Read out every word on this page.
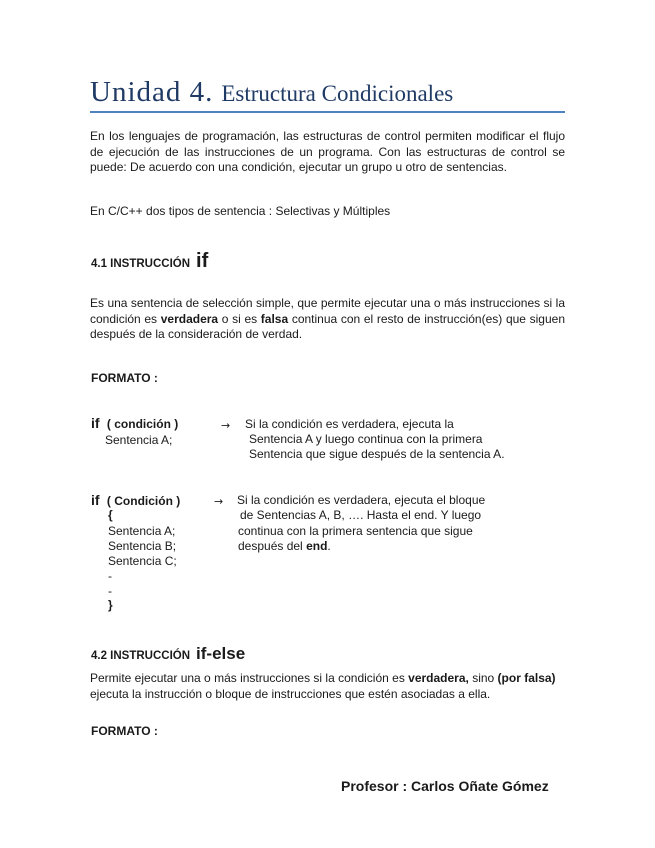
Unidad 4. Estructura Condicionales
En los lenguajes de programación, las estructuras de control permiten modificar el flujo de ejecución de las instrucciones de un programa. Con las estructuras de control se puede: De acuerdo con una condición, ejecutar un grupo u otro de sentencias.
En C/C++ dos tipos de sentencia : Selectivas y Múltiples
4.1 INSTRUCCIÓN if
Es una sentencia de selección simple, que permite ejecutar una o más instrucciones si la condición es verdadera o si es falsa continua con el resto de instrucción(es) que siguen después de la consideración de verdad.
FORMATO :
if ( condición )
Sentencia A;
→ Si la condición es verdadera, ejecuta la
Sentencia A y luego continua con la primera
Sentencia que sigue después de la sentencia A.
if ( Condición )
{
Sentencia A;
Sentencia B;
Sentencia C;
-
-
}
→ Si la condición es verdadera, ejecuta el bloque
de Sentencias A, B, …. Hasta el end. Y luego
continua con la primera sentencia que sigue
después del end.
4.2 INSTRUCCIÓN if-else
Permite ejecutar una o más instrucciones si la condición es verdadera, sino (por falsa) ejecuta la instrucción o bloque de instrucciones que estén asociadas a ella.
FORMATO :
Profesor : Carlos Oñate Gómez
